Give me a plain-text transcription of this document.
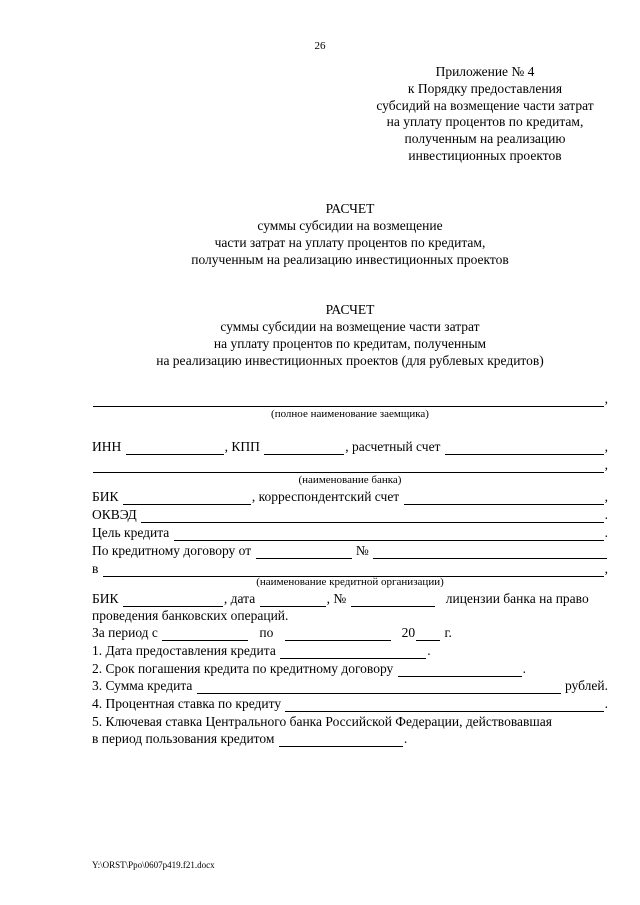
26
Приложение № 4
к Порядку предоставления
субсидий на возмещение части затрат
на уплату процентов по кредитам,
полученным на реализацию
инвестиционных проектов
РАСЧЕТ
суммы субсидии на возмещение
части затрат на уплату процентов по кредитам,
полученным на реализацию инвестиционных проектов
РАСЧЕТ
суммы субсидии на возмещение части затрат
на уплату процентов по кредитам, полученным
на реализацию инвестиционных проектов (для рублевых кредитов)
,
(полное наименование заемщика)
ИНН
	, КПП
	, расчетный счет
	,
,
(наименование банка)
БИК
	, корреспондентский счет
	,
ОКВЭД
	.
Цель кредита
	.
По кредитному договору от

	№

в
	,
(наименование кредитной организации)
БИК
	, дата
	, №

	лицензии банка на право
проведения банковских операций.
За период с

	по

	20
г.
1. Дата предоставления кредита
	.
2. Срок погашения кредита по кредитному договору
	.
3. Сумма кредита

	рублей.
4. Процентная ставка по кредиту
	.
5. Ключевая ставка Центрального банка Российской Федерации, действовавшая
в период пользования кредитом
	.
Y:\ORST\Ppo\0607p419.f21.docx
